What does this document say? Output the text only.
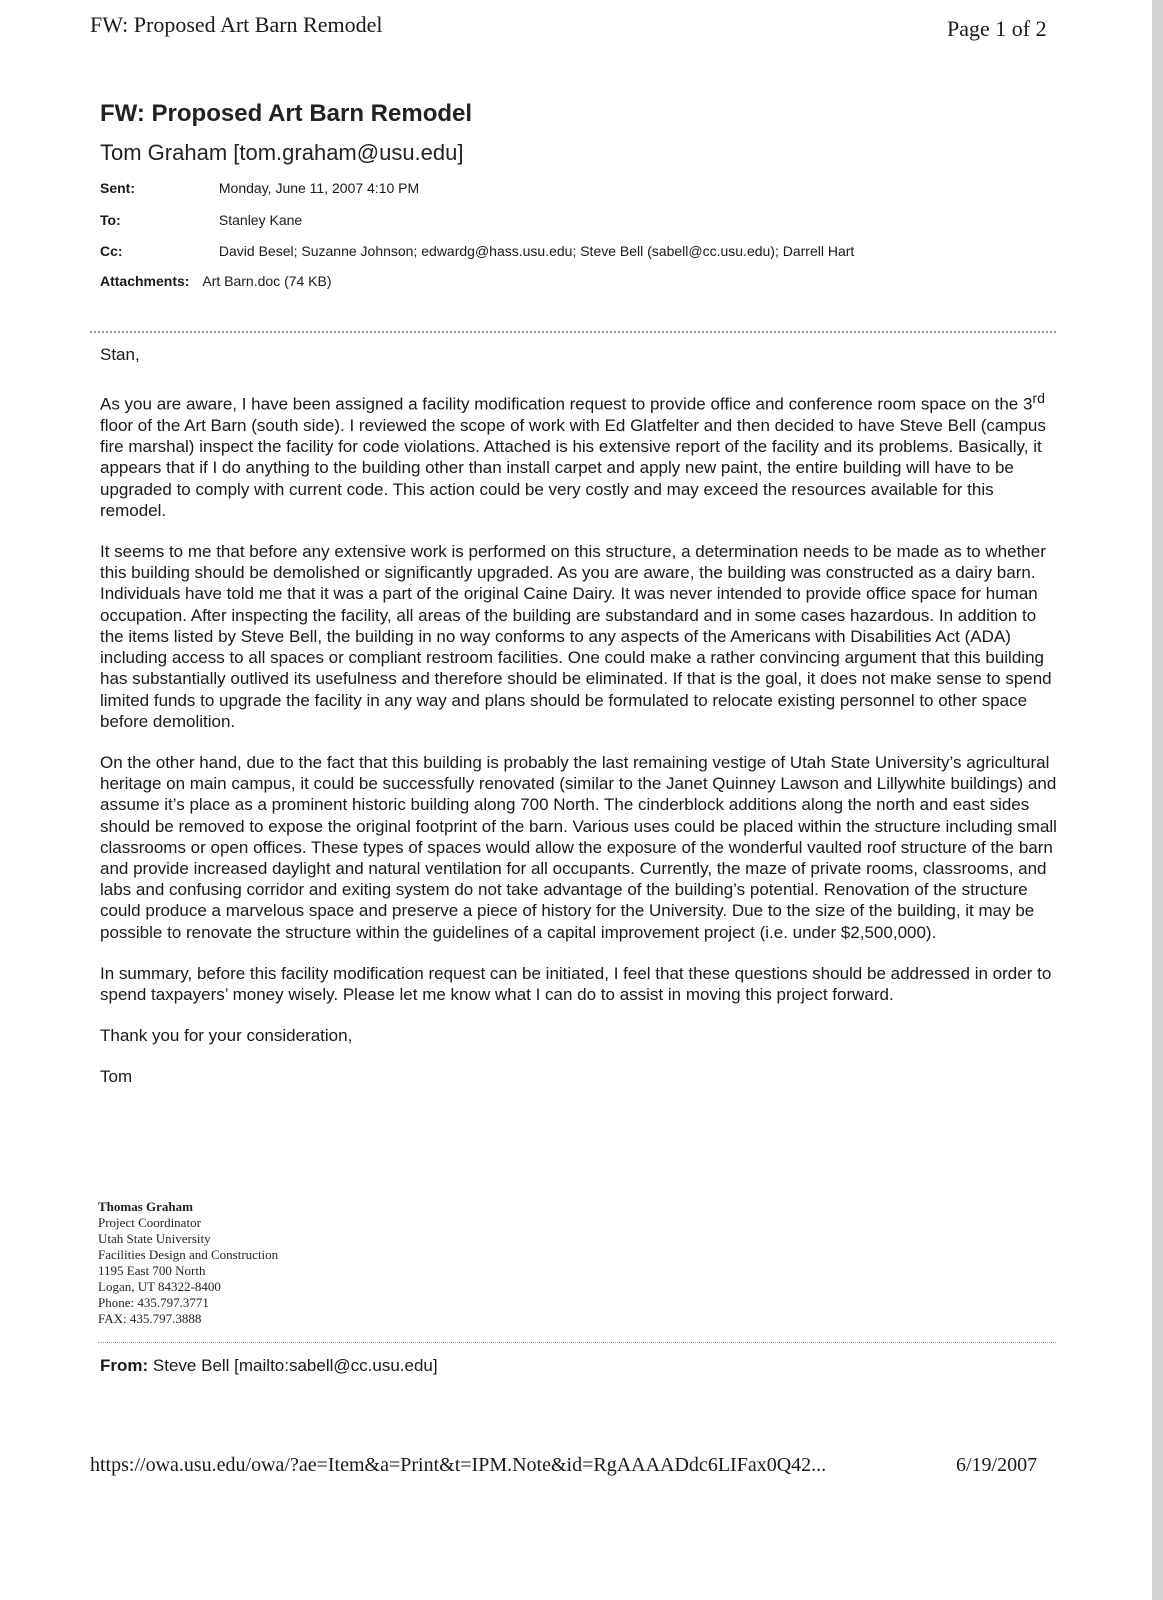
FW: Proposed Art Barn Remodel	Page 1 of 2
FW: Proposed Art Barn Remodel
Tom Graham [tom.graham@usu.edu]
Sent:	Monday, June 11, 2007 4:10 PM
To:	Stanley Kane
Cc:	David Besel; Suzanne Johnson; edwardg@hass.usu.edu; Steve Bell (sabell@cc.usu.edu); Darrell Hart
Attachments: Art Barn.doc (74 KB)

Stan,

As you are aware, I have been assigned a facility modification request to provide office and conference room space on the 3rd floor of the Art Barn (south side). I reviewed the scope of work with Ed Glatfelter and then decided to have Steve Bell (campus fire marshal) inspect the facility for code violations. Attached is his extensive report of the facility and its problems. Basically, it appears that if I do anything to the building other than install carpet and apply new paint, the entire building will have to be upgraded to comply with current code. This action could be very costly and may exceed the resources available for this remodel.

It seems to me that before any extensive work is performed on this structure, a determination needs to be made as to whether this building should be demolished or significantly upgraded. As you are aware, the building was constructed as a dairy barn. Individuals have told me that it was a part of the original Caine Dairy. It was never intended to provide office space for human occupation. After inspecting the facility, all areas of the building are substandard and in some cases hazardous. In addition to the items listed by Steve Bell, the building in no way conforms to any aspects of the Americans with Disabilities Act (ADA) including access to all spaces or compliant restroom facilities. One could make a rather convincing argument that this building has substantially outlived its usefulness and therefore should be eliminated. If that is the goal, it does not make sense to spend limited funds to upgrade the facility in any way and plans should be formulated to relocate existing personnel to other space before demolition.

On the other hand, due to the fact that this building is probably the last remaining vestige of Utah State University’s agricultural heritage on main campus, it could be successfully renovated (similar to the Janet Quinney Lawson and Lillywhite buildings) and assume it’s place as a prominent historic building along 700 North. The cinderblock additions along the north and east sides should be removed to expose the original footprint of the barn. Various uses could be placed within the structure including small classrooms or open offices. These types of spaces would allow the exposure of the wonderful vaulted roof structure of the barn and provide increased daylight and natural ventilation for all occupants. Currently, the maze of private rooms, classrooms, and labs and confusing corridor and exiting system do not take advantage of the building’s potential. Renovation of the structure could produce a marvelous space and preserve a piece of history for the University. Due to the size of the building, it may be possible to renovate the structure within the guidelines of a capital improvement project (i.e. under $2,500,000).

In summary, before this facility modification request can be initiated, I feel that these questions should be addressed in order to spend taxpayers’ money wisely. Please let me know what I can do to assist in moving this project forward.

Thank you for your consideration,

Tom

Thomas Graham
Project Coordinator
Utah State University
Facilities Design and Construction
1195 East 700 North
Logan, UT 84322-8400
Phone: 435.797.3771
FAX: 435.797.3888
From: Steve Bell [mailto:sabell@cc.usu.edu]
https://owa.usu.edu/owa/?ae=Item&a=Print&t=IPM.Note&id=RgAAAADdc6LIFax0Q42...	6/19/2007
